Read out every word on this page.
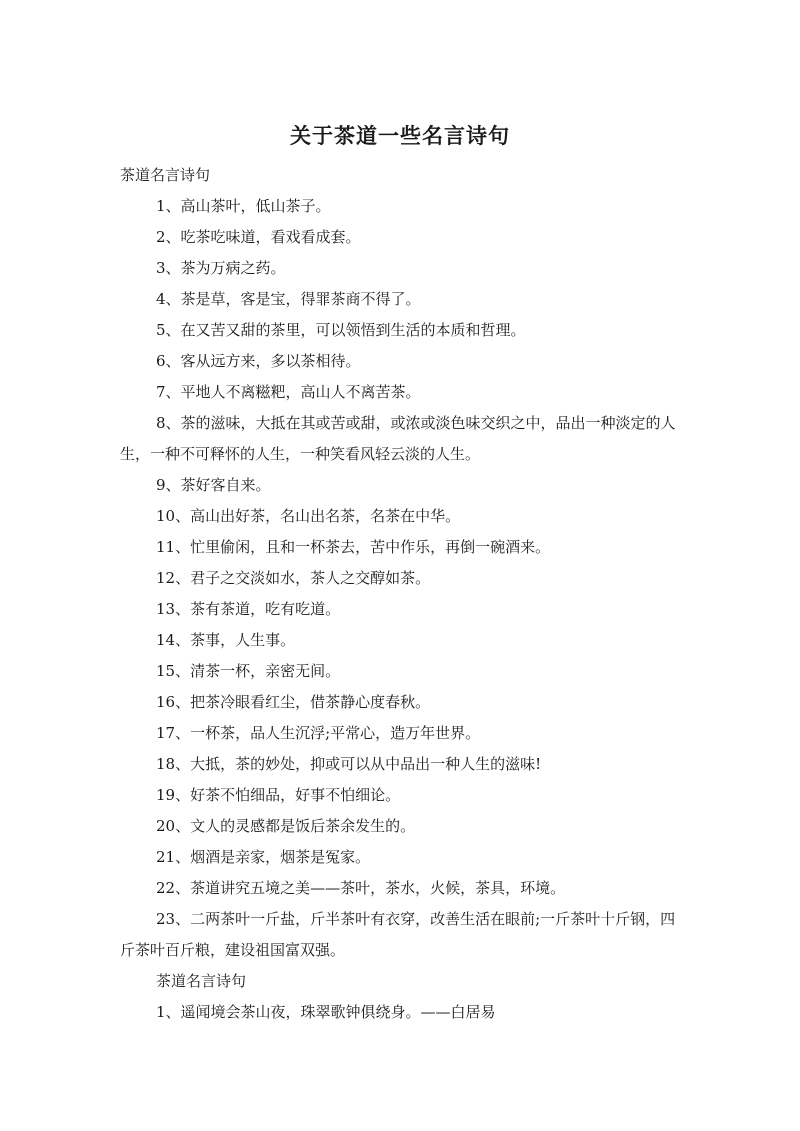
关于茶道一些名言诗句

茶道名言诗句

1、高山茶叶，低山茶子。

2、吃茶吃味道，看戏看成套。

3、茶为万病之药。

4、茶是草，客是宝，得罪茶商不得了。

5、在又苦又甜的茶里，可以领悟到生活的本质和哲理。

6、客从远方来，多以茶相待。

7、平地人不离糍粑，高山人不离苦茶。

8、茶的滋味，大抵在其或苦或甜，或浓或淡色味交织之中，品出一种淡定的人生，一种不可释怀的人生，一种笑看风轻云淡的人生。

9、茶好客自来。

10、高山出好茶，名山出名茶，名茶在中华。

11、忙里偷闲，且和一杯茶去，苦中作乐，再倒一碗酒来。

12、君子之交淡如水，茶人之交醇如茶。

13、茶有茶道，吃有吃道。

14、茶事，人生事。

15、清茶一杯，亲密无间。

16、把茶冷眼看红尘，借茶静心度春秋。

17、一杯茶，品人生沉浮;平常心，造万年世界。

18、大抵，茶的妙处，抑或可以从中品出一种人生的滋味!

19、好茶不怕细品，好事不怕细论。

20、文人的灵感都是饭后茶余发生的。

21、烟酒是亲家，烟茶是冤家。

22、茶道讲究五境之美——茶叶，茶水，火候，茶具，环境。

23、二两茶叶一斤盐，斤半茶叶有衣穿，改善生活在眼前;一斤茶叶十斤钢，四斤茶叶百斤粮，建设祖国富双强。

茶道名言诗句

1、遥闻境会茶山夜，珠翠歌钟俱绕身。——白居易
